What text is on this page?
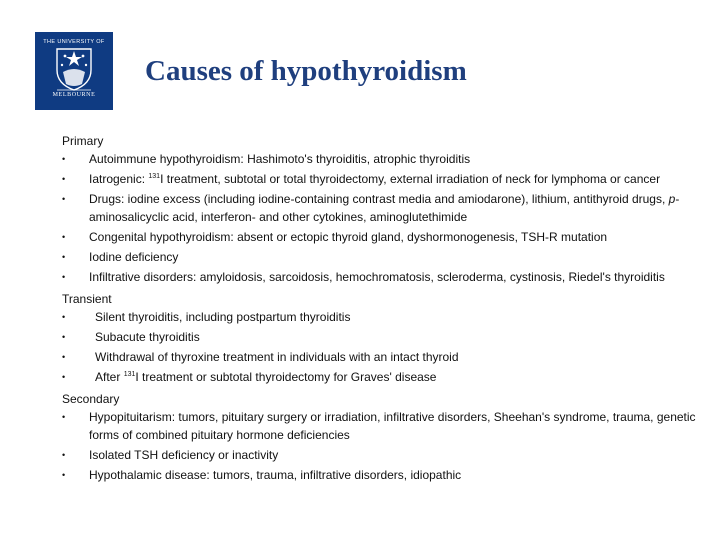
THE UNIVERSITY OF
MELBOURNE
Causes of hypothyroidism
Primary
• Autoimmune hypothyroidism: Hashimoto's thyroiditis, atrophic thyroiditis
• Iatrogenic: $^{131}$I treatment, subtotal or total thyroidectomy, external irradiation of neck for lymphoma or cancer
• Drugs: iodine excess (including iodine-containing contrast media and amiodarone), lithium, antithyroid drugs, p-aminosalicyclic acid, interferon- and other cytokines, aminoglutethimide
• Congenital hypothyroidism: absent or ectopic thyroid gland, dyshormonogenesis, TSH-R mutation
• Iodine deficiency
• Infiltrative disorders: amyloidosis, sarcoidosis, hemochromatosis, scleroderma, cystinosis, Riedel's thyroiditis
Transient
• Silent thyroiditis, including postpartum thyroiditis
• Subacute thyroiditis
• Withdrawal of thyroxine treatment in individuals with an intact thyroid
• After $^{131}$I treatment or subtotal thyroidectomy for Graves' disease
Secondary
• Hypopituitarism: tumors, pituitary surgery or irradiation, infiltrative disorders, Sheehan's syndrome, trauma, genetic forms of combined pituitary hormone deficiencies
• Isolated TSH deficiency or inactivity
• Hypothalamic disease: tumors, trauma, infiltrative disorders, idiopathic
